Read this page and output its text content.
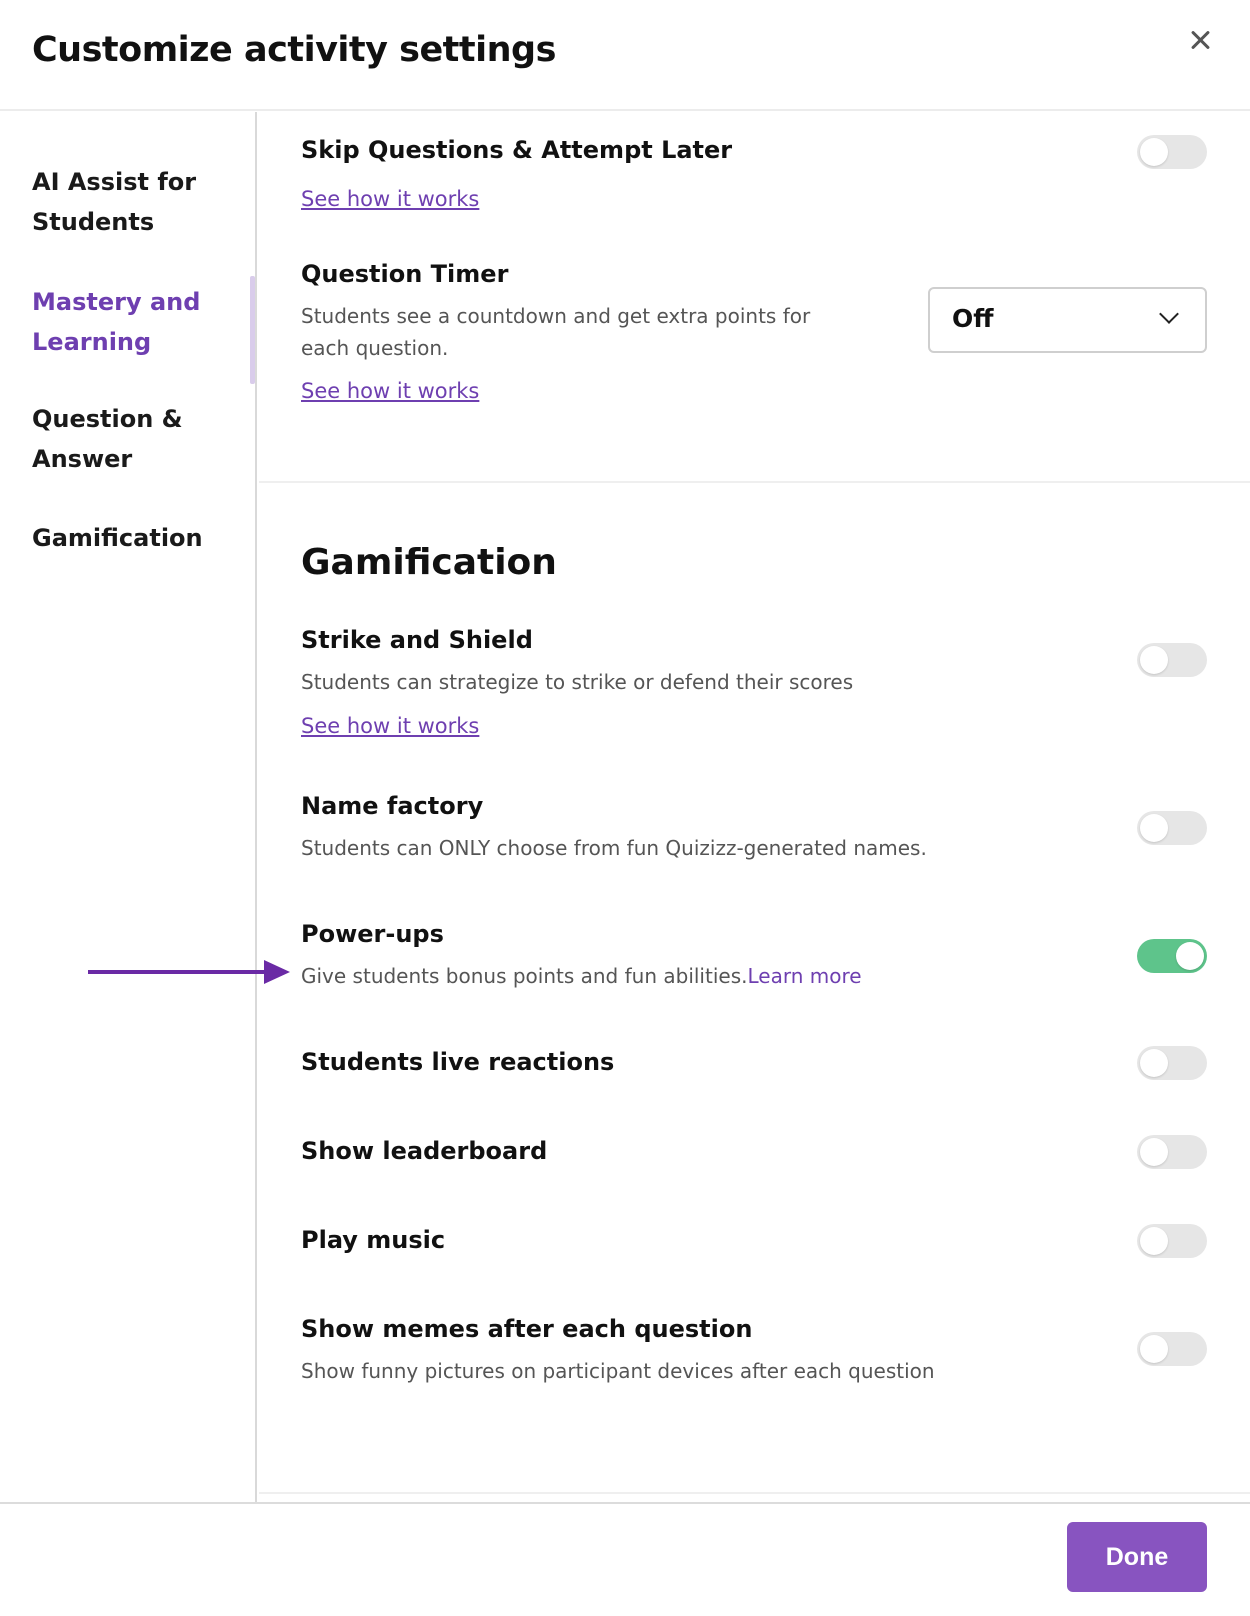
Customize activity settings
AI Assist for Students
Mastery and Learning
Question & Answer
Gamification
Skip Questions & Attempt Later
See how it works
Question Timer
Students see a countdown and get extra points for each question.
Off
See how it works
Gamification
Strike and Shield
Students can strategize to strike or defend their scores
See how it works
Name factory
Students can ONLY choose from fun Quizizz-generated names.
Power-ups
Give students bonus points and fun abilities.Learn more
Students live reactions
Show leaderboard
Play music
Show memes after each question
Show funny pictures on participant devices after each question
Done
